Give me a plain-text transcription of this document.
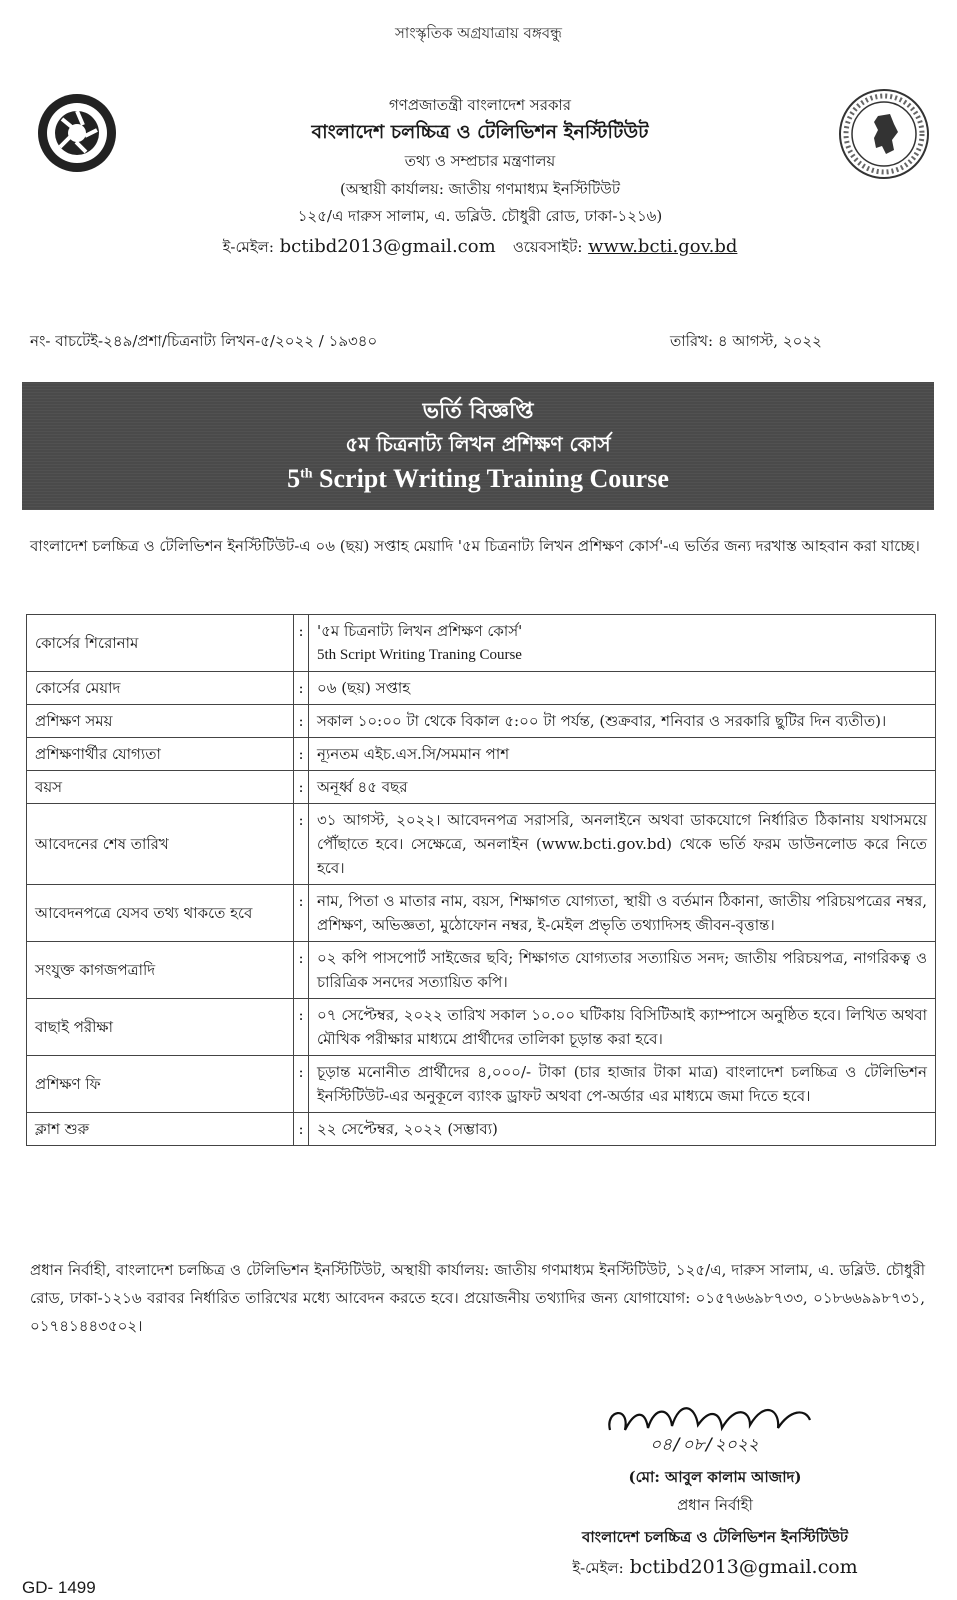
সাংস্কৃতিক অগ্রযাত্রায় বঙ্গবন্ধু
গণপ্রজাতন্ত্রী বাংলাদেশ সরকার
বাংলাদেশ চলচ্চিত্র ও টেলিভিশন ইনস্টিটিউট
তথ্য ও সম্প্রচার মন্ত্রণালয়
(অস্থায়ী কার্যালয়: জাতীয় গণমাধ্যম ইনস্টিটিউট
১২৫/এ দারুস সালাম, এ. ডব্লিউ. চৌধুরী রোড, ঢাকা-১২১৬)
ই-মেইল: bctibd2013@gmail.com ওয়েবসাইট: www.bcti.gov.bd
নং- বাচটেই-২৪৯/প্রশা/চিত্রনাট্য লিখন-৫/২০২২ / ১৯৩৪০	তারিখ: ৪ আগস্ট, ২০২২
ভর্তি বিজ্ঞপ্তি
৫ম চিত্রনাট্য লিখন প্রশিক্ষণ কোর্স
5th Script Writing Training Course
বাংলাদেশ চলচ্চিত্র ও টেলিভিশন ইনস্টিটিউট-এ ০৬ (ছয়) সপ্তাহ মেয়াদি '৫ম চিত্রনাট্য লিখন প্রশিক্ষণ কোর্স'-এ ভর্তির জন্য দরখাস্ত আহবান করা যাচ্ছে।
কোর্সের শিরোনাম	:	'৫ম চিত্রনাট্য লিখন প্রশিক্ষণ কোর্স'
5th Script Writing Traning Course

কোর্সের মেয়াদ	:	০৬ (ছয়) সপ্তাহ

প্রশিক্ষণ সময়	:	সকাল ১০:০০ টা থেকে বিকাল ৫:০০ টা পর্যন্ত, (শুক্রবার, শনিবার ও সরকারি ছুটির দিন ব্যতীত)।

প্রশিক্ষণার্থীর যোগ্যতা	:	ন্যূনতম এইচ.এস.সি/সমমান পাশ

বয়স	:	অনূর্ধ্ব ৪৫ বছর

আবেদনের শেষ তারিখ	:	৩১ আগস্ট, ২০২২। আবেদনপত্র সরাসরি, অনলাইনে অথবা ডাকযোগে নির্ধারিত ঠিকানায় যথাসময়ে পৌঁছাতে হবে। সেক্ষেত্রে, অনলাইন (www.bcti.gov.bd) থেকে ভর্তি ফরম ডাউনলোড করে নিতে হবে।

আবেদনপত্রে যেসব তথ্য থাকতে হবে	:	নাম, পিতা ও মাতার নাম, বয়স, শিক্ষাগত যোগ্যতা, স্থায়ী ও বর্তমান ঠিকানা, জাতীয় পরিচয়পত্রের নম্বর, প্রশিক্ষণ, অভিজ্ঞতা, মুঠোফোন নম্বর, ই-মেইল প্রভৃতি তথ্যাদিসহ জীবন-বৃত্তান্ত।

সংযুক্ত কাগজপত্রাদি	:	০২ কপি পাসপোর্ট সাইজের ছবি; শিক্ষাগত যোগ্যতার সত্যায়িত সনদ; জাতীয় পরিচয়পত্র, নাগরিকত্ব ও চারিত্রিক সনদের সত্যায়িত কপি।

বাছাই পরীক্ষা	:	০৭ সেপ্টেম্বর, ২০২২ তারিখ সকাল ১০.০০ ঘটিকায় বিসিটিআই ক্যাম্পাসে অনুষ্ঠিত হবে। লিখিত অথবা মৌখিক পরীক্ষার মাধ্যমে প্রার্থীদের তালিকা চূড়ান্ত করা হবে।

প্রশিক্ষণ ফি	:	চূড়ান্ত মনোনীত প্রার্থীদের ৪,০০০/- টাকা (চার হাজার টাকা মাত্র) বাংলাদেশ চলচ্চিত্র ও টেলিভিশন ইনস্টিটিউট-এর অনুকূলে ব্যাংক ড্রাফট অথবা পে-অর্ডার এর মাধ্যমে জমা দিতে হবে।

ক্লাশ শুরু	:	২২ সেপ্টেম্বর, ২০২২ (সম্ভাব্য)
প্রধান নির্বাহী, বাংলাদেশ চলচ্চিত্র ও টেলিভিশন ইনস্টিটিউট, অস্থায়ী কার্যালয়: জাতীয় গণমাধ্যম ইনস্টিটিউট, ১২৫/এ, দারুস সালাম, এ. ডব্লিউ. চৌধুরী রোড, ঢাকা-১২১৬ বরাবর নির্ধারিত তারিখের মধ্যে আবেদন করতে হবে। প্রয়োজনীয় তথ্যাদির জন্য যোগাযোগ: ০১৫৭৬৬৯৮৭৩৩, ০১৮৬৬৯৯৮৭৩১, ০১৭৪১৪৪৩৫০২।
০৪/০৮/২০২২
(মো: আবুল কালাম আজাদ)
প্রধান নির্বাহী
বাংলাদেশ চলচ্চিত্র ও টেলিভিশন ইনস্টিটিউট
ই-মেইল: bctibd2013@gmail.com
GD- 1499
